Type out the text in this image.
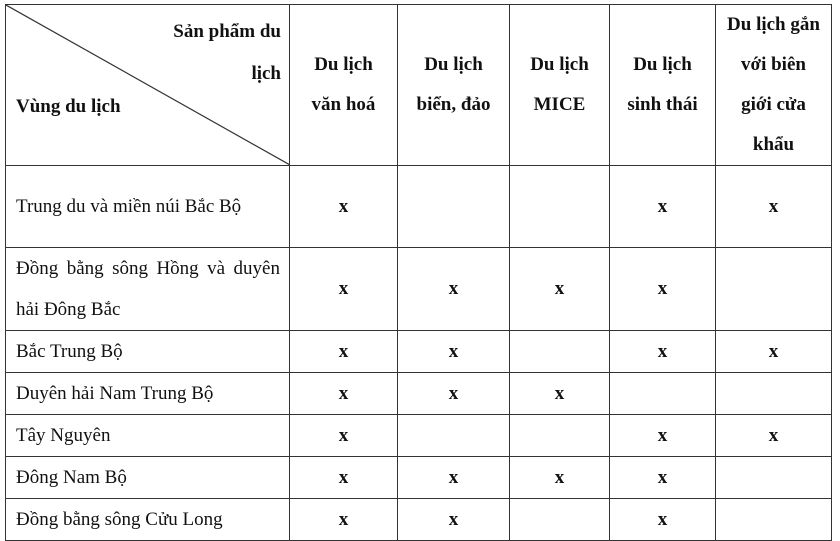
Sản phẩm du lịch
Vùng du lịch	Du lịch văn hoá	Du lịch biển, đảo	Du lịch MICE	Du lịch sinh thái	Du lịch gắn với biên giới cửa khẩu
Trung du và miền núi Bắc Bộ	x			x	x
Đồng bằng sông Hồng và duyên hải Đông Bắc	x	x	x	x	
Bắc Trung Bộ	x	x		x	x
Duyên hải Nam Trung Bộ	x	x	x		
Tây Nguyên	x			x	x
Đông Nam Bộ	x	x	x	x	
Đồng bằng sông Cửu Long	x	x		x	
